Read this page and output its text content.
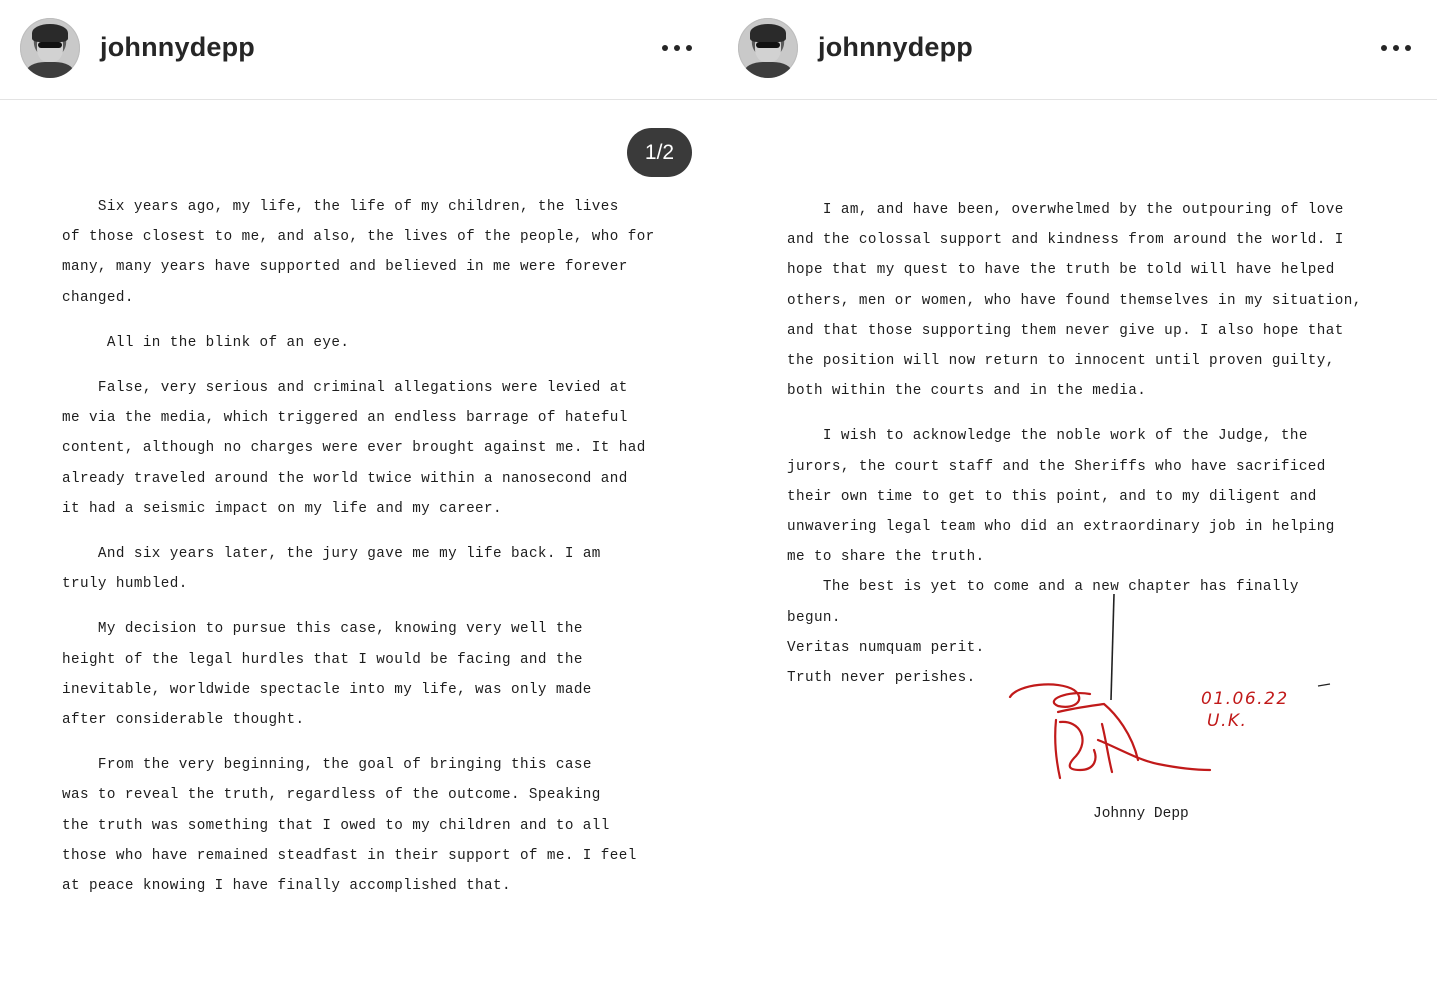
johnnydepp
1/2

Six years ago, my life, the life of my children, the lives

of those closest to me, and also, the lives of the people, who for

many, many years have supported and believed in me were forever

changed.

All in the blink of an eye.

False, very serious and criminal allegations were levied at

me via the media, which triggered an endless barrage of hateful

content, although no charges were ever brought against me. It had

already traveled around the world twice within a nanosecond and

it had a seismic impact on my life and my career.

And six years later, the jury gave me my life back. I am

truly humbled.

My decision to pursue this case, knowing very well the

height of the legal hurdles that I would be facing and the

inevitable, worldwide spectacle into my life, was only made

after considerable thought.

From the very beginning, the goal of bringing this case

was to reveal the truth, regardless of the outcome. Speaking

the truth was something that I owed to my children and to all

those who have remained steadfast in their support of me. I feel

at peace knowing I have finally accomplished that.

johnnydepp

I am, and have been, overwhelmed by the outpouring of love

and the colossal support and kindness from around the world. I

hope that my quest to have the truth be told will have helped

others, men or women, who have found themselves in my situation,

and that those supporting them never give up. I also hope that

the position will now return to innocent until proven guilty,

both within the courts and in the media.

I wish to acknowledge the noble work of the Judge, the

jurors, the court staff and the Sheriffs who have sacrificed

their own time to get to this point, and to my diligent and

unwavering legal team who did an extraordinary job in helping

me to share the truth.

The best is yet to come and a new chapter has finally

begun.

Veritas numquam perit.

Truth never perishes.

01.06.22
U.K.
Johnny Depp
